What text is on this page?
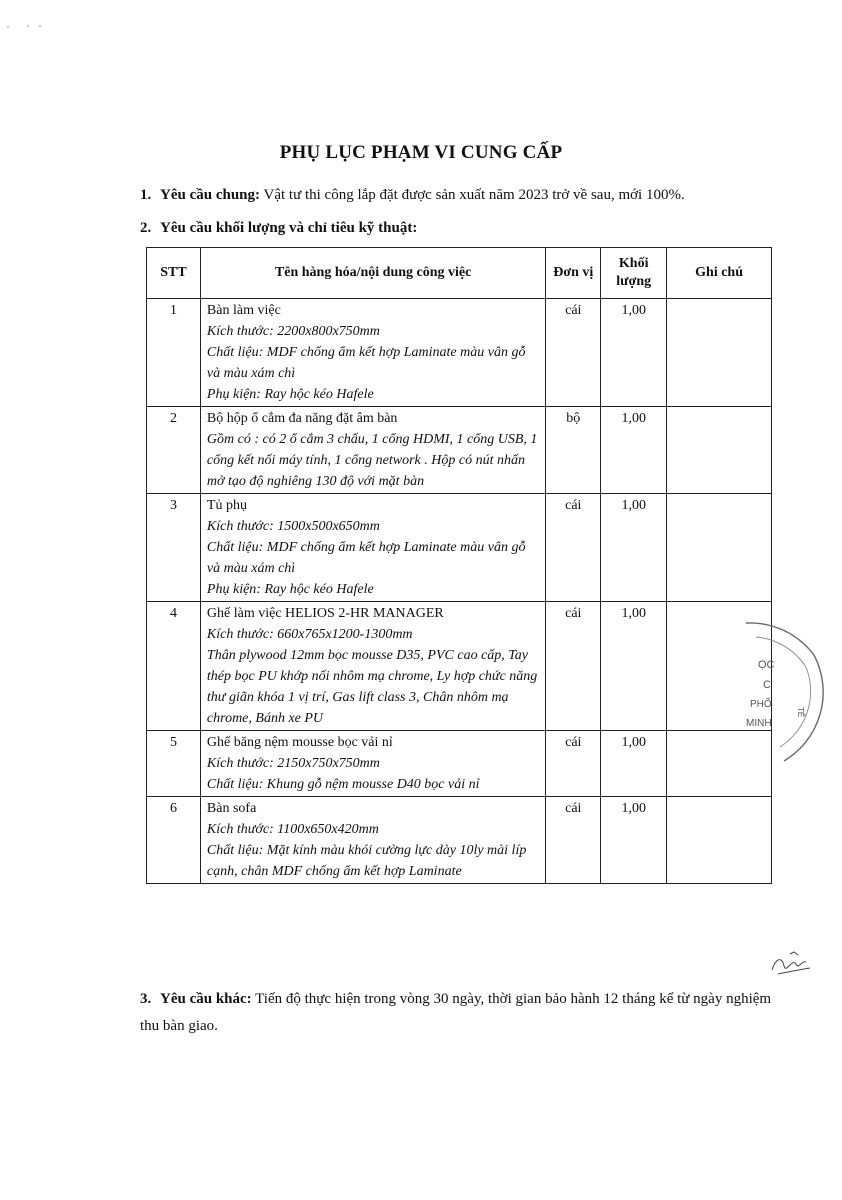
PHỤ LỤC PHẠM VI CUNG CẤP
1. Yêu cầu chung: Vật tư thi công lắp đặt được sản xuất năm 2023 trở về sau, mới 100%.
2. Yêu cầu khối lượng và chỉ tiêu kỹ thuật:
STT	Tên hàng hóa/nội dung công việc	Đơn vị	Khối lượng	Ghi chú
1	Bàn làm việc
Kích thước: 2200x800x750mm
Chất liệu: MDF chống ẩm kết hợp Laminate màu vân gỗ và màu xám chì
Phụ kiện: Ray hộc kéo Hafele	cái	1,00	
2	Bộ hộp ổ cắm đa năng đặt âm bàn
Gồm có : có 2 ổ cắm 3 chấu, 1 cổng HDMI, 1 cổng USB, 1 cổng kết nối máy tính, 1 cổng network . Hộp có nút nhấn mở tạo độ nghiêng 130 độ với mặt bàn	bộ	1,00	
3	Tủ phụ
Kích thước: 1500x500x650mm
Chất liệu: MDF chống ẩm kết hợp Laminate màu vân gỗ và màu xám chì
Phụ kiện: Ray hộc kéo Hafele	cái	1,00	
4	Ghế làm việc HELIOS 2-HR MANAGER
Kích thước: 660x765x1200-1300mm
Thân plywood 12mm bọc mousse D35, PVC cao cấp, Tay thép bọc PU khớp nối nhôm mạ chrome, Ly hợp chức năng thư giãn khóa 1 vị trí, Gas lift class 3, Chân nhôm mạ chrome, Bánh xe PU	cái	1,00	
5	Ghế băng nệm mousse bọc vải nỉ
Kích thước: 2150x750x750mm
Chất liệu: Khung gỗ nệm mousse D40 bọc vải nỉ	cái	1,00	
6	Bàn sofa
Kích thước: 1100x650x420mm
Chất liệu: Mặt kính màu khói cường lực dày 10ly mài líp cạnh, chân MDF chống ẩm kết hợp Laminate	cái	1,00	
3. Yêu cầu khác: Tiến độ thực hiện trong vòng 30 ngày, thời gian bảo hành 12 tháng kể từ ngày nghiệm thu bàn giao.
ỌC
C
PHỐ
MINH
TẾ
